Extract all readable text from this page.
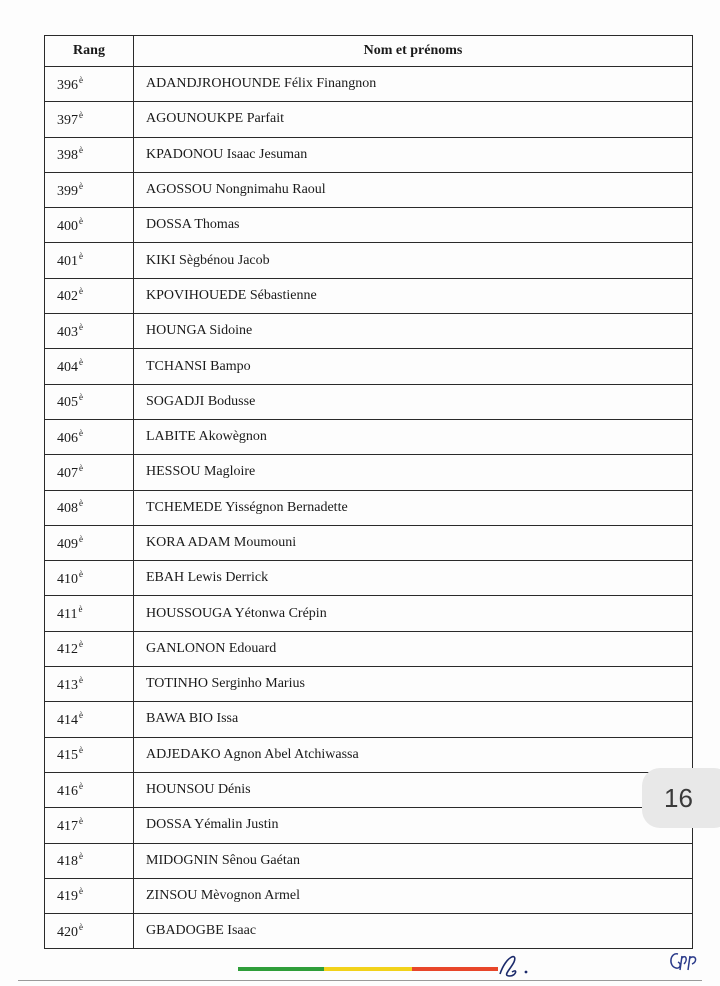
Rang	Nom et prénoms
$396^è$	ADANDJROHOUNDE Félix Finangnon
$397^è$	AGOUNOUKPE Parfait
$398^è$	KPADONOU Isaac Jesuman
$399^è$	AGOSSOU Nongnimahu Raoul
$400^è$	DOSSA Thomas
$401^è$	KIKI Sègbénou Jacob
$402^è$	KPOVIHOUEDE Sébastienne
$403^è$	HOUNGA Sidoine
$404^è$	TCHANSI Bampo
$405^è$	SOGADJI Bodusse
$406^è$	LABITE Akowègnon
$407^è$	HESSOU Magloire
$408^è$	TCHEMEDE Yisségnon Bernadette
$409^è$	KORA ADAM Moumouni
$410^è$	EBAH Lewis Derrick
$411^è$	HOUSSOUGA Yétonwa Crépin
$412^è$	GANLONON Edouard
$413^è$	TOTINHO Serginho Marius
$414^è$	BAWA BIO Issa
$415^è$	ADJEDAKO Agnon Abel Atchiwassa
$416^è$	HOUNSOU Dénis
$417^è$	DOSSA Yémalin Justin
$418^è$	MIDOGNIN Sênou Gaétan
$419^è$	ZINSOU Mèvognon Armel
$420^è$	GBADOGBE Isaac
16
